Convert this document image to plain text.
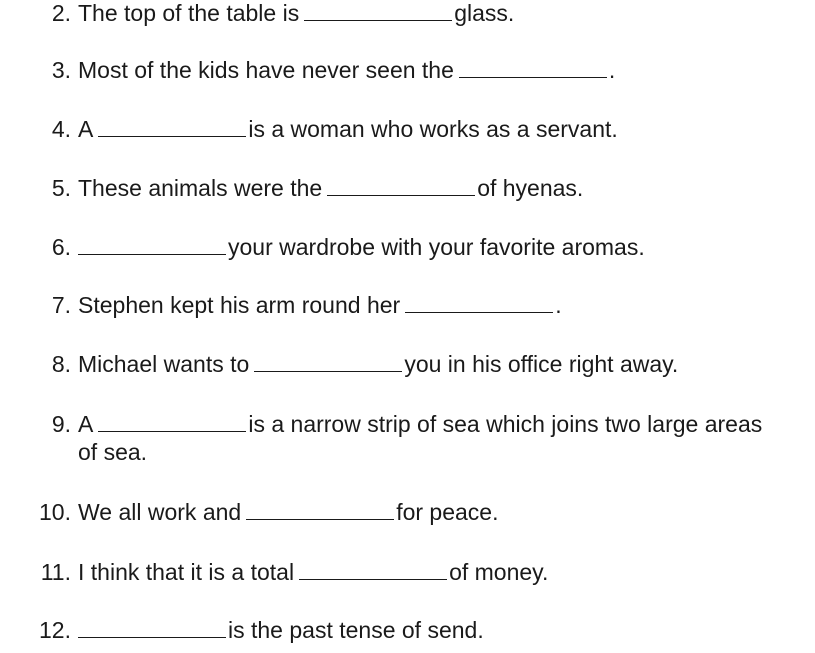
2. The top of the table is	glass.
3. Most of the kids have never seen the	.
4. A	is a woman who works as a servant.
5. These animals were the	of hyenas.
6.	your wardrobe with your favorite aromas.
7. Stephen kept his arm round her	.
8. Michael wants to	you in his office right away.
9. A	is a narrow strip of sea which joins two large areas
of sea.
10. We all work and	for peace.
11. I think that it is a total	of money.
12.	is the past tense of send.
